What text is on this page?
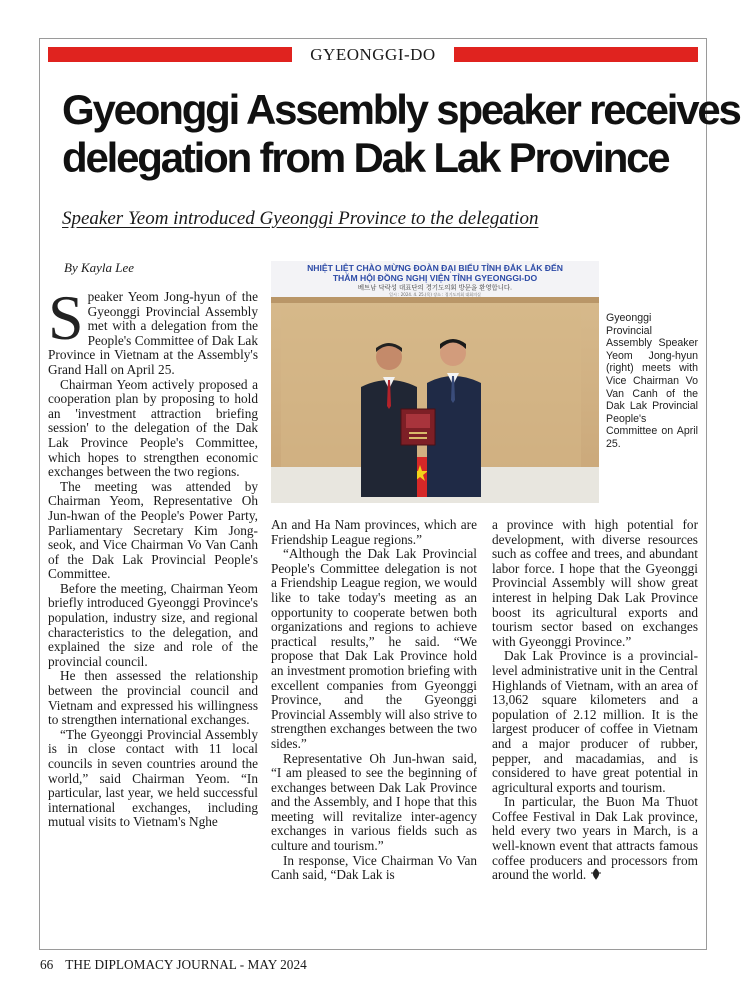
GYEONGGI-DO
Gyeonggi Assembly speaker receives
delegation from Dak Lak Province
Speaker Yeom introduced Gyeonggi Province to the delegation
By Kayla Lee	NHIỆT LIỆT CHÀO MỪNG ĐOÀN ĐẠI BIỂU TỈNH ĐẮK LẮK ĐẾN
THĂM HỘI ĐỒNG NGHỊ VIỆN TỈNH GYEONGGI-DO
베트남 닥락성 대표단의 경기도의회 방문을 환영합니다.
일시 : 2024. 4. 25.(목) 장소 : 경기도의회 대회의실
Gyeonggi Provincial Assembly Speaker Yeom Jong-hyun (right) meets with Vice Chairman Vo Van Canh of the Dak Lak Provincial People's Committee on April 25.

Speaker Yeom Jong-hyun of the Gyeonggi Provincial Assembly met with a delegation from the People's Committee of Dak Lak Province in Vietnam at the Assembly's Grand Hall on April 25.

Chairman Yeom actively proposed a cooperation plan by proposing to hold an 'investment attraction briefing session' to the delegation of the Dak Lak Province People's Committee, which hopes to strengthen economic exchanges between the two regions.

The meeting was attended by Chairman Yeom, Representative Oh Jun-hwan of the People's Power Party, Parliamentary Secretary Kim Jong-seok, and Vice Chairman Vo Van Canh of the Dak Lak Provincial People's Committee.

Before the meeting, Chairman Yeom briefly introduced Gyeonggi Province's population, industry size, and regional characteristics to the delegation, and explained the size and role of the provincial council.

He then assessed the relationship between the provincial council and Vietnam and expressed his willingness to strengthen international exchanges.

“The Gyeonggi Provincial Assembly is in close contact with 11 local councils in seven countries around the world,” said Chairman Yeom. “In particular, last year, we held successful international exchanges, including mutual visits to Vietnam's Nghe

An and Ha Nam provinces, which are Friendship League regions.”

“Although the Dak Lak Provincial People's Committee delegation is not a Friendship League region, we would like to take today's meeting as an opportunity to cooperate betwen both organizations and regions to achieve practical results,” he said. “We propose that Dak Lak Province hold an investment promotion briefing with excellent companies from Gyeonggi Province, and the Gyeonggi Provincial Assembly will also strive to strengthen exchanges between the two sides.”

Representative Oh Jun-hwan said, “I am pleased to see the beginning of exchanges between Dak Lak Province and the Assembly, and I hope that this meeting will revitalize inter-agency exchanges in various fields such as culture and tourism.”

In response, Vice Chairman Vo Van Canh said, “Dak Lak is

a province with high potential for development, with diverse resources such as coffee and trees, and abundant labor force. I hope that the Gyeonggi Provincial Assembly will show great interest in helping Dak Lak Province boost its agricultural exports and tourism sector based on exchanges with Gyeonggi Province.”

Dak Lak Province is a provincial-level administrative unit in the Central Highlands of Vietnam, with an area of 13,062 square kilometers and a population of 2.12 million. It is the largest producer of coffee in Vietnam and a major producer of rubber, pepper, and macadamias, and is considered to have great potential in agricultural exports and tourism.

In particular, the Buon Ma Thuot Coffee Festival in Dak Lak province, held every two years in March, is a well-known event that attracts famous coffee producers and processors from around the world.

66 THE DIPLOMACY JOURNAL - MAY 2024
